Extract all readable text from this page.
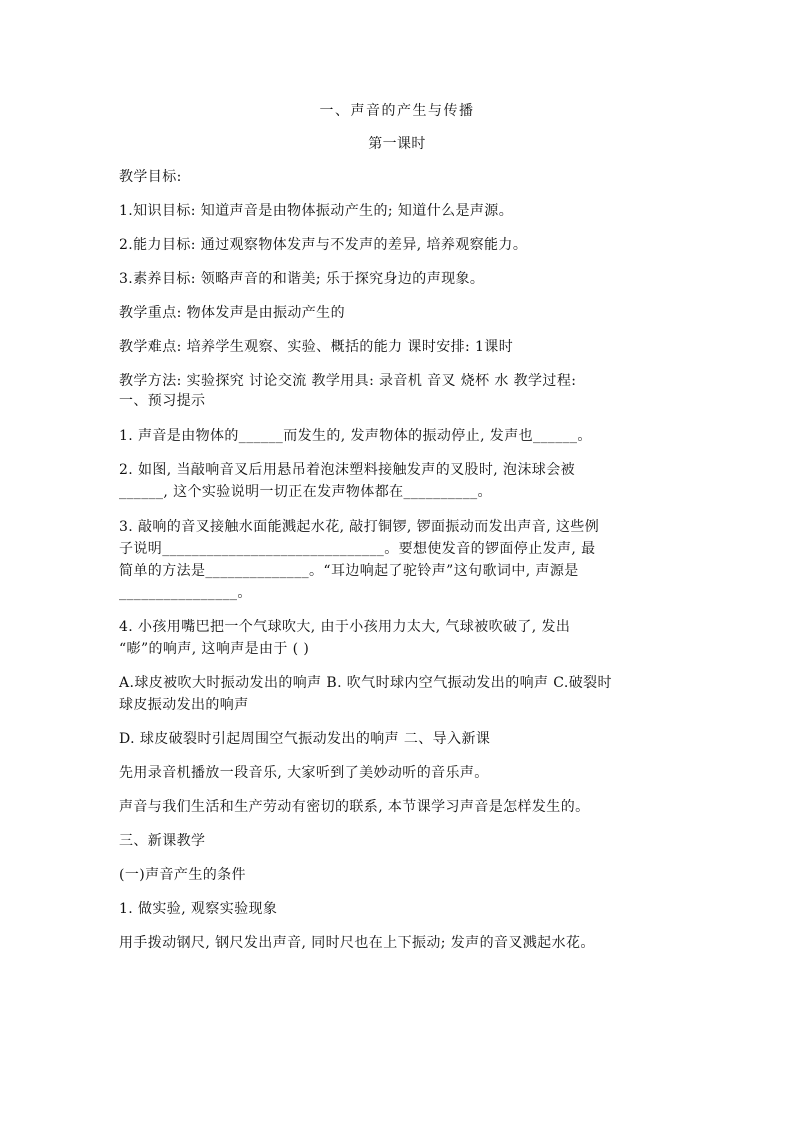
一、声音的产生与传播
第一课时
教学目标:
1.知识目标: 知道声音是由物体振动产生的; 知道什么是声源。
2.能力目标: 通过观察物体发声与不发声的差异, 培养观察能力。
3.素养目标: 领略声音的和谐美; 乐于探究身边的声现象。
教学重点: 物体发声是由振动产生的
教学难点: 培养学生观察、实验、概括的能力 课时安排: 1课时
教学方法: 实验探究 讨论交流 教学用具: 录音机 音叉 烧杯 水 教学过程:
一、预习提示
1. 声音是由物体的______而发生的, 发声物体的振动停止, 发声也______。
2. 如图, 当敲响音叉后用悬吊着泡沫塑料接触发声的叉股时, 泡沫球会被
______, 这个实验说明一切正在发声物体都在__________。
3. 敲响的音叉接触水面能溅起水花, 敲打铜锣, 锣面振动而发出声音, 这些例
子说明______________________________。要想使发音的锣面停止发声, 最
简单的方法是______________。“耳边响起了驼铃声”这句歌词中, 声源是
________________。
4. 小孩用嘴巴把一个气球吹大, 由于小孩用力太大, 气球被吹破了, 发出
“嘭”的响声, 这响声是由于 ( )
A.球皮被吹大时振动发出的响声 B. 吹气时球内空气振动发出的响声 C.破裂时
球皮振动发出的响声
D. 球皮破裂时引起周围空气振动发出的响声 二、导入新课
先用录音机播放一段音乐, 大家听到了美妙动听的音乐声。
声音与我们生活和生产劳动有密切的联系, 本节课学习声音是怎样发生的。
三、新课教学
(一)声音产生的条件
1. 做实验, 观察实验现象
用手拨动钢尺, 钢尺发出声音, 同时尺也在上下振动; 发声的音叉溅起水花。
